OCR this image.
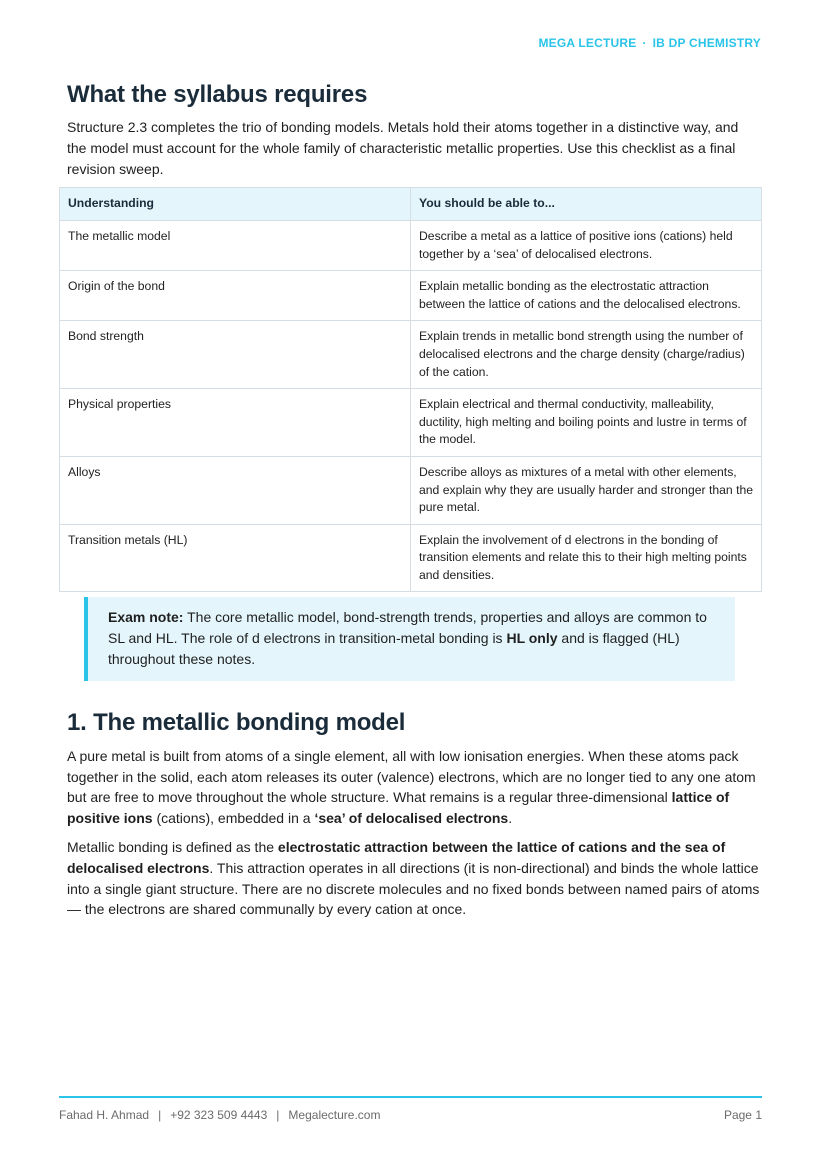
MEGA LECTURE · IB DP CHEMISTRY
What the syllabus requires

Structure 2.3 completes the trio of bonding models. Metals hold their atoms together in a distinctive way, and the model must account for the whole family of characteristic metallic properties. Use this checklist as a final revision sweep.

Understanding	You should be able to...
The metallic model	Describe a metal as a lattice of positive ions (cations) held together by a ‘sea’ of delocalised electrons.
Origin of the bond	Explain metallic bonding as the electrostatic attraction between the lattice of cations and the delocalised electrons.
Bond strength	Explain trends in metallic bond strength using the number of delocalised electrons and the charge density (charge/radius) of the cation.
Physical properties	Explain electrical and thermal conductivity, malleability, ductility, high melting and boiling points and lustre in terms of the model.
Alloys	Describe alloys as mixtures of a metal with other elements, and explain why they are usually harder and stronger than the pure metal.
Transition metals (HL)	Explain the involvement of d electrons in the bonding of transition elements and relate this to their high melting points and densities.

Exam note: The core metallic model, bond-strength trends, properties and alloys are common to SL and HL. The role of d electrons in transition-metal bonding is HL only and is flagged (HL) throughout these notes.

1. The metallic bonding model

A pure metal is built from atoms of a single element, all with low ionisation energies. When these atoms pack together in the solid, each atom releases its outer (valence) electrons, which are no longer tied to any one atom but are free to move throughout the whole structure. What remains is a regular three-dimensional lattice of positive ions (cations), embedded in a ‘sea’ of delocalised electrons.

Metallic bonding is defined as the electrostatic attraction between the lattice of cations and the sea of delocalised electrons. This attraction operates in all directions (it is non-directional) and binds the whole lattice into a single giant structure. There are no discrete molecules and no fixed bonds between named pairs of atoms — the electrons are shared communally by every cation at once.

Fahad H. Ahmad | +92 323 509 4443 | Megalecture.com	Page 1
